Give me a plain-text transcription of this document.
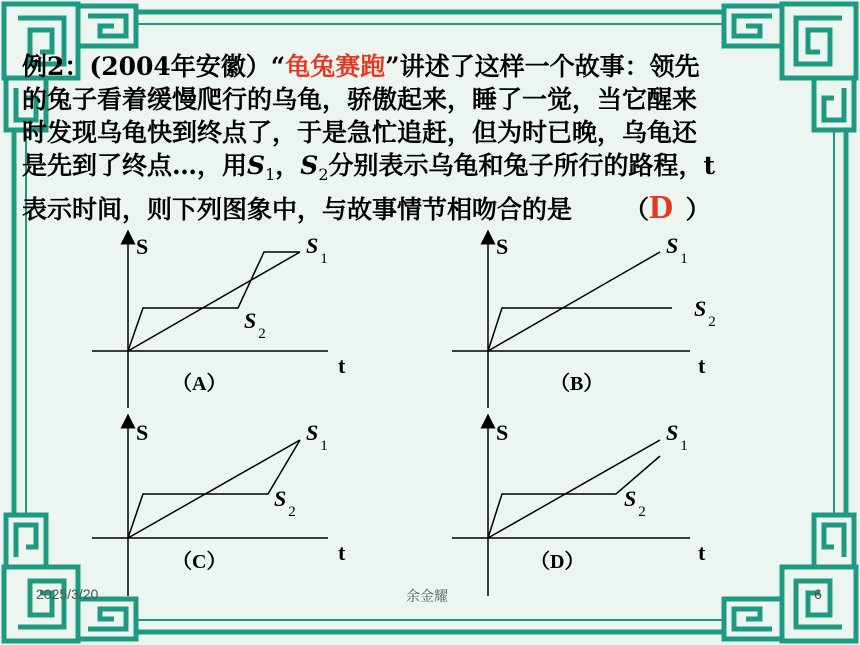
例2：(2004年安徽）“龟兔赛跑”讲述了这样一个故事：领先
的兔子看着缓慢爬行的乌龟，骄傲起来，睡了一觉，当它醒来
时发现乌龟快到终点了，于是急忙追赶，但为时已晚，乌龟还
是先到了终点…，用$S_1$，$S_2$分别表示乌龟和兔子所行的路程，t
表示时间，则下列图象中，与故事情节相吻合的是 （D ）
S
t
$S_1$
$S_2$
（A）
S
t
$S_1$
$S_2$
（B）
S
t
$S_1$
$S_2$
（C）
S
t
$S_1$
$S_2$
（D）
2025/3/20	余金耀	6
